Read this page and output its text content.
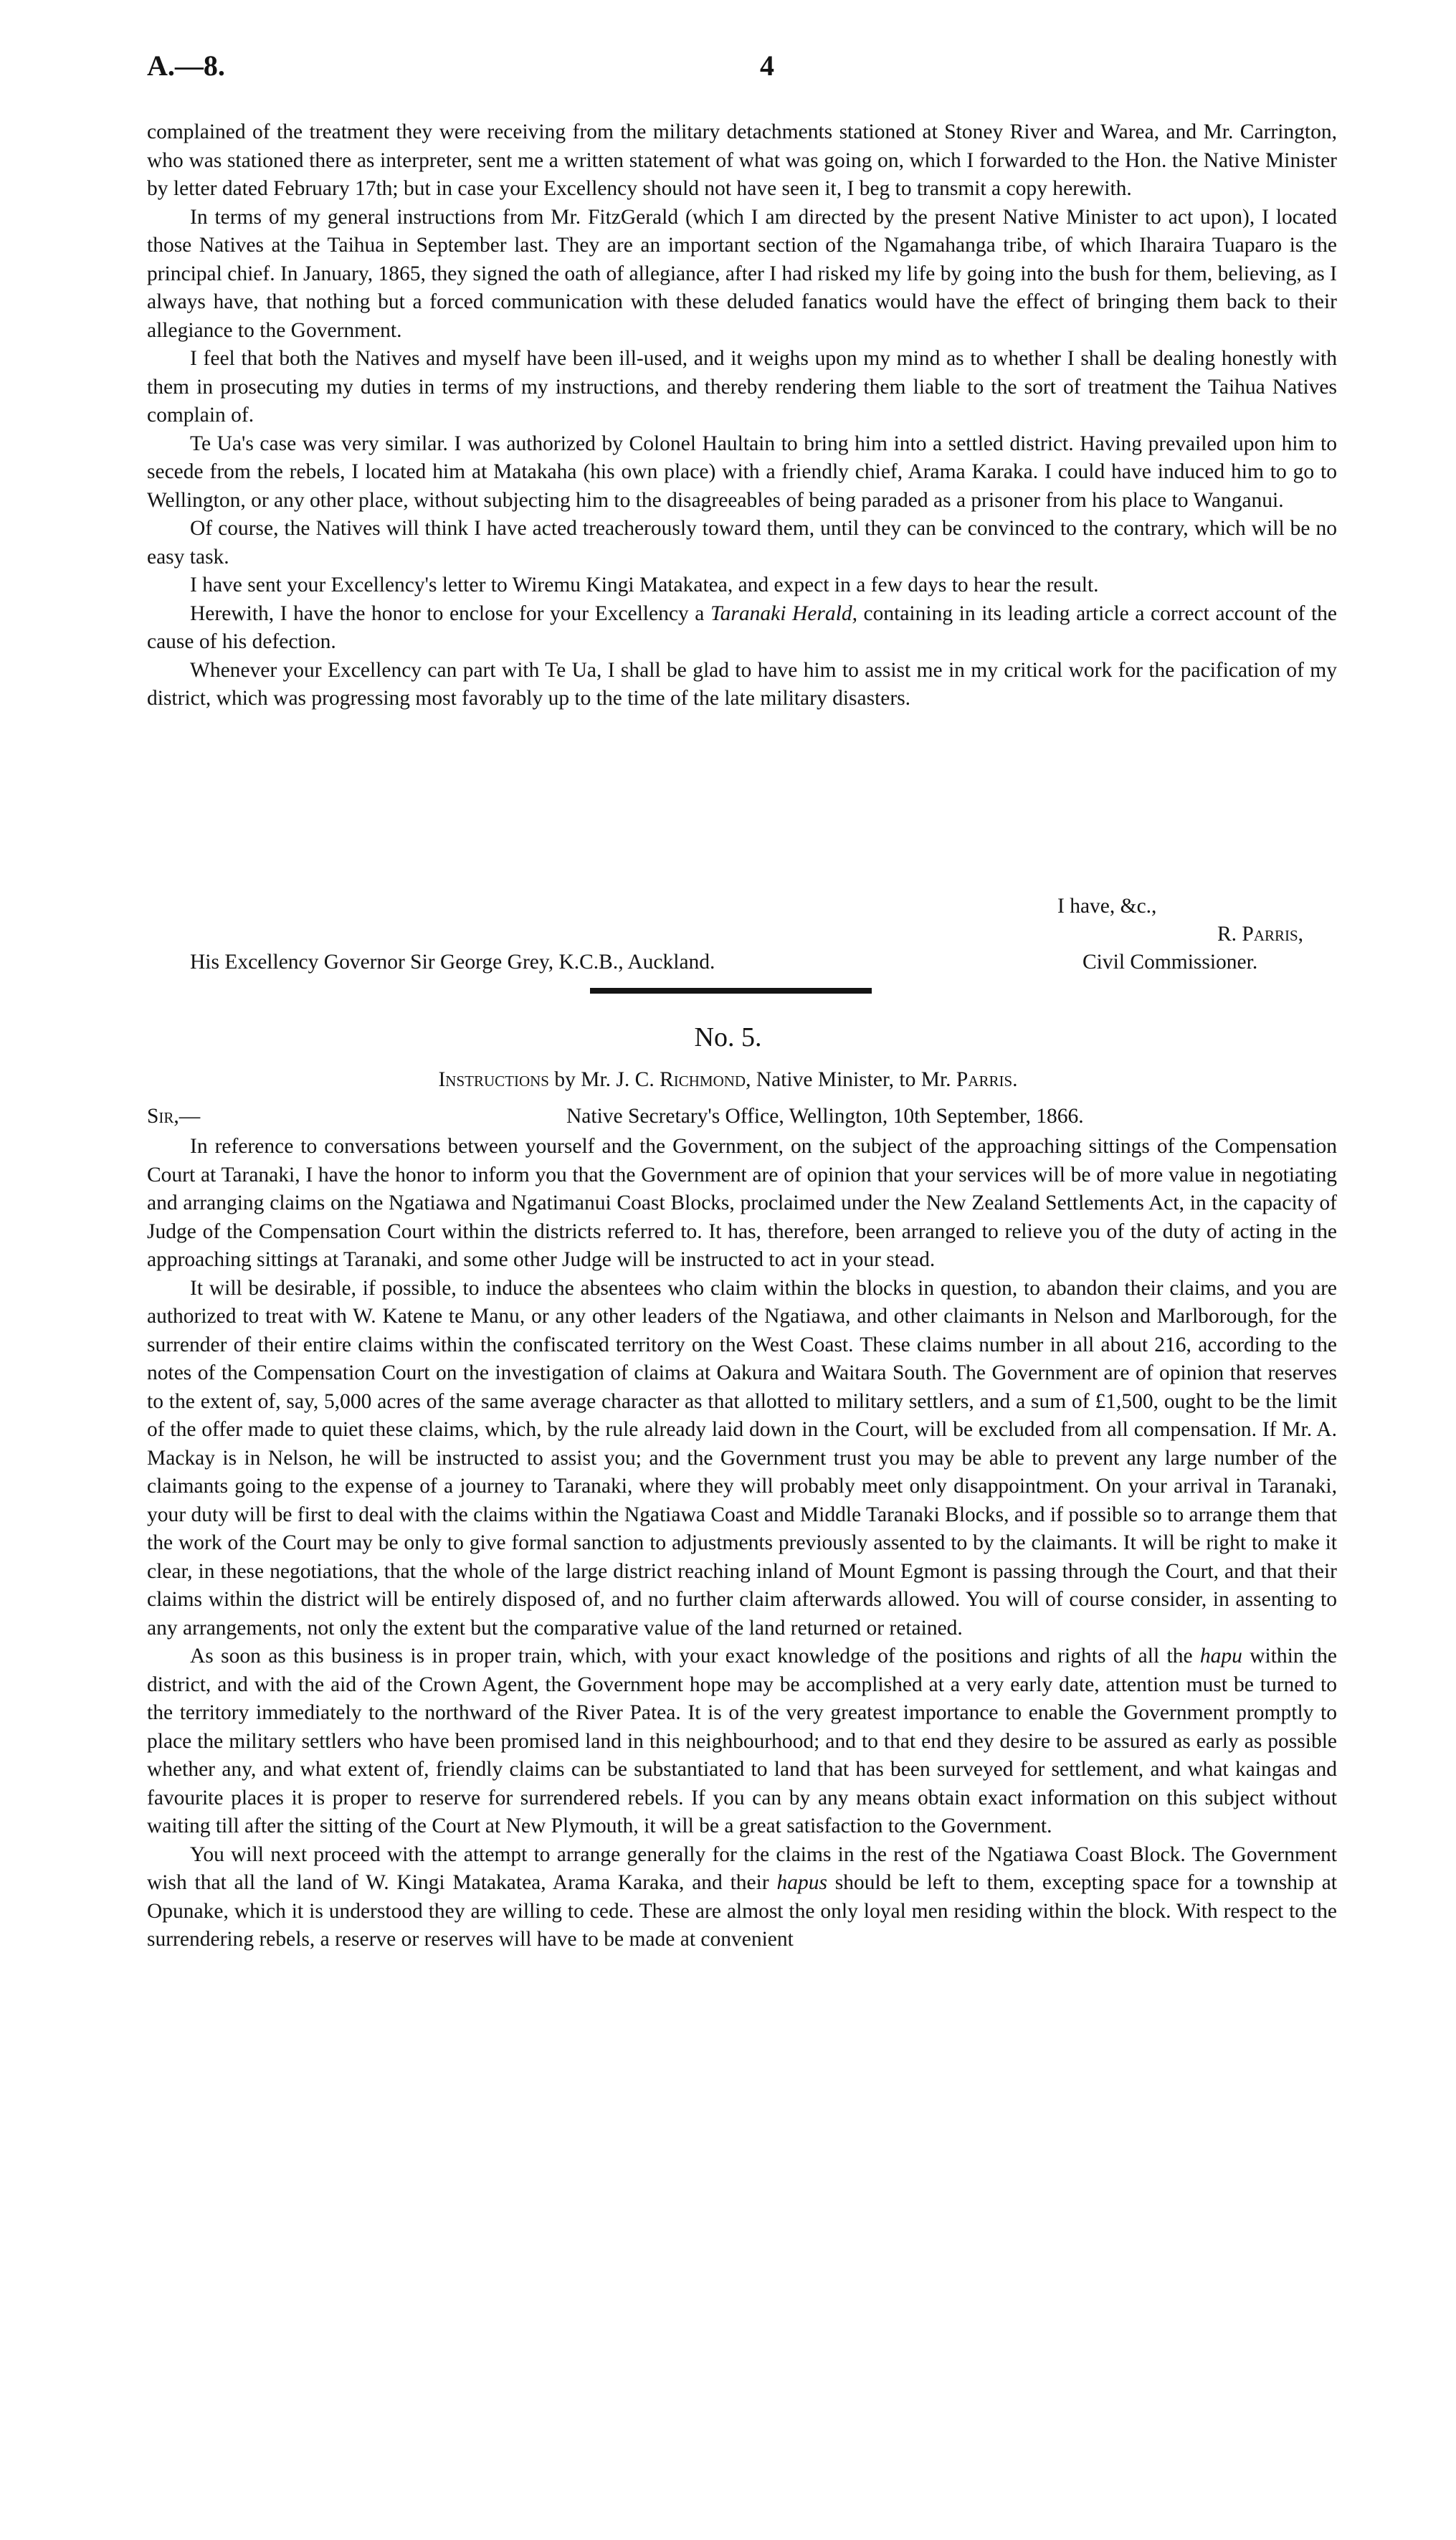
A.—8.	4

complained of the treatment they were receiving from the military detachments stationed at Stoney River and Warea, and Mr. Carrington, who was stationed there as interpreter, sent me a written statement of what was going on, which I forwarded to the Hon. the Native Minister by letter dated February 17th; but in case your Excellency should not have seen it, I beg to transmit a copy herewith.

In terms of my general instructions from Mr. FitzGerald (which I am directed by the present Native Minister to act upon), I located those Natives at the Taihua in September last. They are an important section of the Ngamahanga tribe, of which Iharaira Tuaparo is the principal chief. In January, 1865, they signed the oath of allegiance, after I had risked my life by going into the bush for them, believing, as I always have, that nothing but a forced communication with these deluded fanatics would have the effect of bringing them back to their allegiance to the Government.

I feel that both the Natives and myself have been ill-used, and it weighs upon my mind as to whether I shall be dealing honestly with them in prosecuting my duties in terms of my instructions, and thereby rendering them liable to the sort of treatment the Taihua Natives complain of.

Te Ua's case was very similar. I was authorized by Colonel Haultain to bring him into a settled district. Having prevailed upon him to secede from the rebels, I located him at Matakaha (his own place) with a friendly chief, Arama Karaka. I could have induced him to go to Wellington, or any other place, without subjecting him to the disagreeables of being paraded as a prisoner from his place to Wanganui.

Of course, the Natives will think I have acted treacherously toward them, until they can be convinced to the contrary, which will be no easy task.

I have sent your Excellency's letter to Wiremu Kingi Matakatea, and expect in a few days to hear the result.

Herewith, I have the honor to enclose for your Excellency a Taranaki Herald, containing in its leading article a correct account of the cause of his defection.

Whenever your Excellency can part with Te Ua, I shall be glad to have him to assist me in my critical work for the pacification of my district, which was progressing most favorably up to the time of the late military disasters.

I have, &c.,
R. Parris,
His Excellency Governor Sir George Grey, K.C.B., Auckland.	Civil Commissioner.
No. 5.
Instructions by Mr. J. C. Richmond, Native Minister, to Mr. Parris.
Sir,—	Native Secretary's Office, Wellington, 10th September, 1866.

In reference to conversations between yourself and the Government, on the subject of the approaching sittings of the Compensation Court at Taranaki, I have the honor to inform you that the Government are of opinion that your services will be of more value in negotiating and arranging claims on the Ngatiawa and Ngatimanui Coast Blocks, proclaimed under the New Zealand Settlements Act, in the capacity of Judge of the Compensation Court within the districts referred to. It has, therefore, been arranged to relieve you of the duty of acting in the approaching sittings at Taranaki, and some other Judge will be instructed to act in your stead.

It will be desirable, if possible, to induce the absentees who claim within the blocks in question, to abandon their claims, and you are authorized to treat with W. Katene te Manu, or any other leaders of the Ngatiawa, and other claimants in Nelson and Marlborough, for the surrender of their entire claims within the confiscated territory on the West Coast. These claims number in all about 216, according to the notes of the Compensation Court on the investigation of claims at Oakura and Waitara South. The Government are of opinion that reserves to the extent of, say, 5,000 acres of the same average character as that allotted to military settlers, and a sum of £1,500, ought to be the limit of the offer made to quiet these claims, which, by the rule already laid down in the Court, will be excluded from all compensation. If Mr. A. Mackay is in Nelson, he will be instructed to assist you; and the Government trust you may be able to prevent any large number of the claimants going to the expense of a journey to Taranaki, where they will probably meet only disappointment. On your arrival in Taranaki, your duty will be first to deal with the claims within the Ngatiawa Coast and Middle Taranaki Blocks, and if possible so to arrange them that the work of the Court may be only to give formal sanction to adjustments previously assented to by the claimants. It will be right to make it clear, in these negotiations, that the whole of the large district reaching inland of Mount Egmont is passing through the Court, and that their claims within the district will be entirely disposed of, and no further claim afterwards allowed. You will of course consider, in assenting to any arrangements, not only the extent but the comparative value of the land returned or retained.

As soon as this business is in proper train, which, with your exact knowledge of the positions and rights of all the hapu within the district, and with the aid of the Crown Agent, the Government hope may be accomplished at a very early date, attention must be turned to the territory immediately to the northward of the River Patea. It is of the very greatest importance to enable the Government promptly to place the military settlers who have been promised land in this neighbourhood; and to that end they desire to be assured as early as possible whether any, and what extent of, friendly claims can be substantiated to land that has been surveyed for settlement, and what kaingas and favourite places it is proper to reserve for surrendered rebels. If you can by any means obtain exact information on this subject without waiting till after the sitting of the Court at New Plymouth, it will be a great satisfaction to the Government.

You will next proceed with the attempt to arrange generally for the claims in the rest of the Ngatiawa Coast Block. The Government wish that all the land of W. Kingi Matakatea, Arama Karaka, and their hapus should be left to them, excepting space for a township at Opunake, which it is understood they are willing to cede. These are almost the only loyal men residing within the block. With respect to the surrendering rebels, a reserve or reserves will have to be made at convenient
